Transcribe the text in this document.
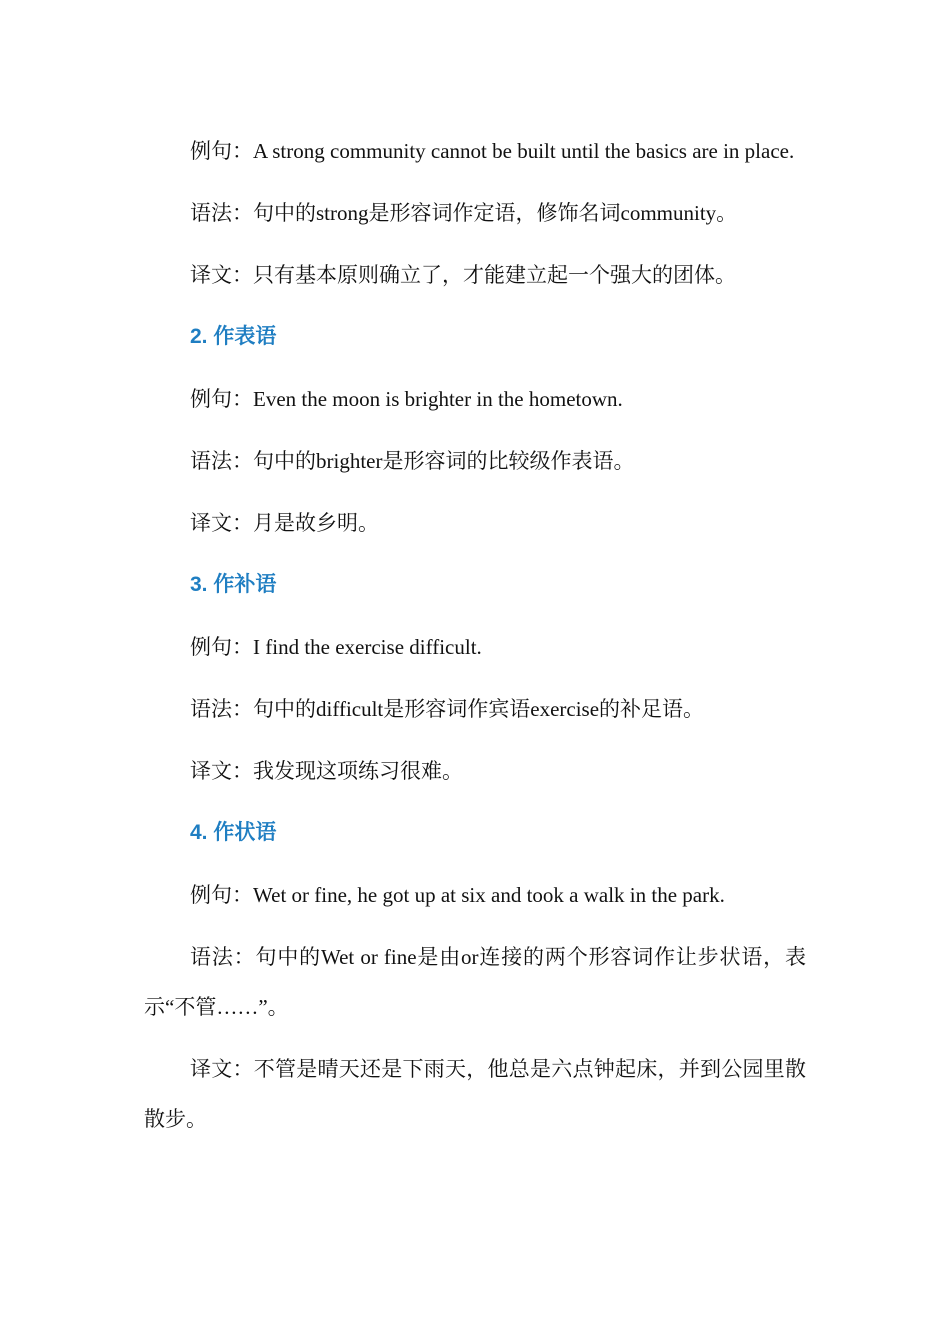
例句：A strong community cannot be built until the basics are in place.

语法：句中的strong是形容词作定语，修饰名词community。

译文：只有基本原则确立了，才能建立起一个强大的团体。

2. 作表语

例句：Even the moon is brighter in the hometown.

语法：句中的brighter是形容词的比较级作表语。

译文：月是故乡明。

3. 作补语

例句：I find the exercise difficult.

语法：句中的difficult是形容词作宾语exercise的补足语。

译文：我发现这项练习很难。

4. 作状语

例句：Wet or fine, he got up at six and took a walk in the park.

语法：句中的Wet or fine是由or连接的两个形容词作让步状语，表示“不管……”。

译文：不管是晴天还是下雨天，他总是六点钟起床，并到公园里散散步。
